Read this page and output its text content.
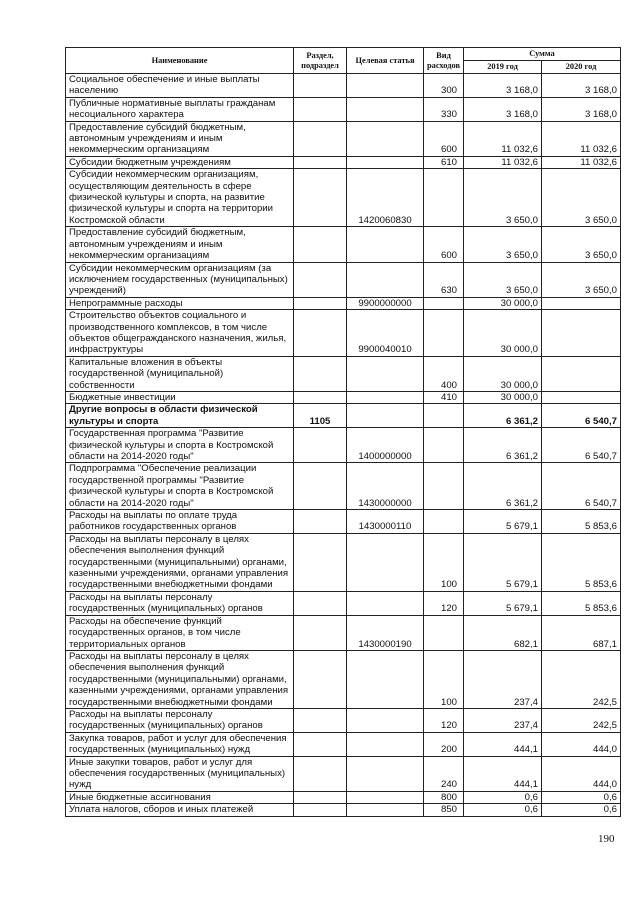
Наименование	Раздел, подраздел	Целевая статья	Вид расходов	Сумма	
				2019 год	2020 год
Социальное обеспечение и иные выплаты населению			300	3 168,0	3 168,0
Публичные нормативные выплаты гражданам несоциального характера			330	3 168,0	3 168,0
Предоставление субсидий бюджетным, автономным учреждениям и иным некоммерческим организациям			600	11 032,6	11 032,6
Субсидии бюджетным учреждениям			610	11 032,6	11 032,6
Субсидии некоммерческим организациям, осуществляющим деятельность в сфере физической культуры и спорта, на развитие физической культуры и спорта на территории Костромской области		1420060830		3 650,0	3 650,0
Предоставление субсидий бюджетным, автономным учреждениям и иным некоммерческим организациям			600	3 650,0	3 650,0
Субсидии некоммерческим организациям (за исключением государственных (муниципальных) учреждений)			630	3 650,0	3 650,0
Непрограммные расходы		9900000000		30 000,0	
Строительство объектов социального и производственного комплексов, в том числе объектов общегражданского назначения, жилья, инфраструктуры		9900040010		30 000,0	
Капитальные вложения в объекты государственной (муниципальной) собственности			400	30 000,0	
Бюджетные инвестиции			410	30 000,0	
Другие вопросы в области физической культуры и спорта	1105			6 361,2	6 540,7
Государственная программа "Развитие физической культуры и спорта в Костромской области на 2014-2020 годы"		1400000000		6 361,2	6 540,7
Подпрограмма "Обеспечение реализации государственной программы "Развитие физической культуры и спорта в Костромской области на 2014-2020 годы"		1430000000		6 361,2	6 540,7
Расходы на выплаты по оплате труда работников государственных органов		1430000110		5 679,1	5 853,6
Расходы на выплаты персоналу в целях обеспечения выполнения функций государственными (муниципальными) органами, казенными учреждениями, органами управления государственными внебюджетными фондами			100	5 679,1	5 853,6
Расходы на выплаты персоналу государственных (муниципальных) органов			120	5 679,1	5 853,6
Расходы на обеспечение функций государственных органов, в том числе территориальных органов		1430000190		682,1	687,1
Расходы на выплаты персоналу в целях обеспечения выполнения функций государственными (муниципальными) органами, казенными учреждениями, органами управления государственными внебюджетными фондами			100	237,4	242,5
Расходы на выплаты персоналу государственных (муниципальных) органов			120	237,4	242,5
Закупка товаров, работ и услуг для обеспечения государственных (муниципальных) нужд			200	444,1	444,0
Иные закупки товаров, работ и услуг для обеспечения государственных (муниципальных) нужд			240	444,1	444,0
Иные бюджетные ассигнования			800	0,6	0,6
Уплата налогов, сборов и иных платежей			850	0,6	0,6
190
